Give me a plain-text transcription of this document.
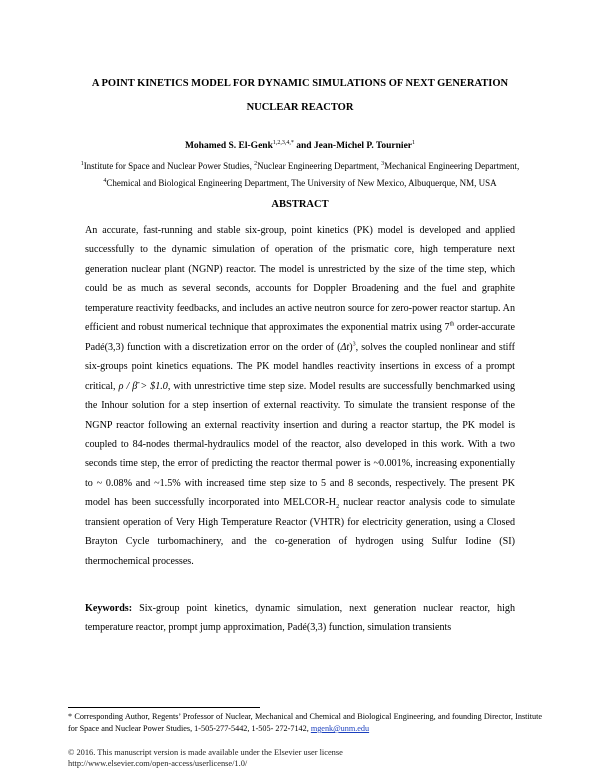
A POINT KINETICS MODEL FOR DYNAMIC SIMULATIONS OF NEXT GENERATION
NUCLEAR REACTOR
Mohamed S. El-Genk$^{1,2,3,4,*}$ and Jean-Michel P. Tournier$^1$
$^1$Institute for Space and Nuclear Power Studies, $^2$Nuclear Engineering Department, $^3$Mechanical Engineering Department,
$^4$Chemical and Biological Engineering Department, The University of New Mexico, Albuquerque, NM, USA
ABSTRACT
An accurate, fast-running and stable six-group, point kinetics (PK) model is developed and applied successfully to the dynamic simulation of operation of the prismatic core, high temperature next generation nuclear plant (NGNP) reactor. The model is unrestricted by the size of the time step, which could be as much as several seconds, accounts for Doppler Broadening and the fuel and graphite temperature reactivity feedbacks, and includes an active neutron source for zero-power reactor startup. An efficient and robust numerical technique that approximates the exponential matrix using 7th order-accurate Padé(3,3) function with a discretization error on the order of $(\Delta t)^3$, solves the coupled nonlinear and stiff six-groups point kinetics equations. The PK model handles reactivity insertions in excess of a prompt critical, ρ / β̄ > $1.0, with unrestrictive time step size. Model results are successfully benchmarked using the Inhour solution for a step insertion of external reactivity. To simulate the transient response of the NGNP reactor following an external reactivity insertion and during a reactor startup, the PK model is coupled to 84-nodes thermal-hydraulics model of the reactor, also developed in this work. With a two seconds time step, the error of predicting the reactor thermal power is ~0.001%, increasing exponentially to ~ 0.08% and ~1.5% with increased time step size to 5 and 8 seconds, respectively. The present PK model has been successfully incorporated into MELCOR-$H_2$ nuclear reactor analysis code to simulate transient operation of Very High Temperature Reactor (VHTR) for electricity generation, using a Closed Brayton Cycle turbomachinery, and the co-generation of hydrogen using Sulfur Iodine (SI) thermochemical processes.
Keywords: Six-group point kinetics, dynamic simulation, next generation nuclear reactor, high temperature reactor, prompt jump approximation, Padé(3,3) function, simulation transients
* Corresponding Author, Regents’ Professor of Nuclear, Mechanical and Chemical and Biological Engineering, and founding Director, Institute for Space and Nuclear Power Studies, 1-505-277-5442, 1-505- 272-7142, mgenk@unm.edu
© 2016. This manuscript version is made available under the Elsevier user license
http://www.elsevier.com/open-access/userlicense/1.0/
